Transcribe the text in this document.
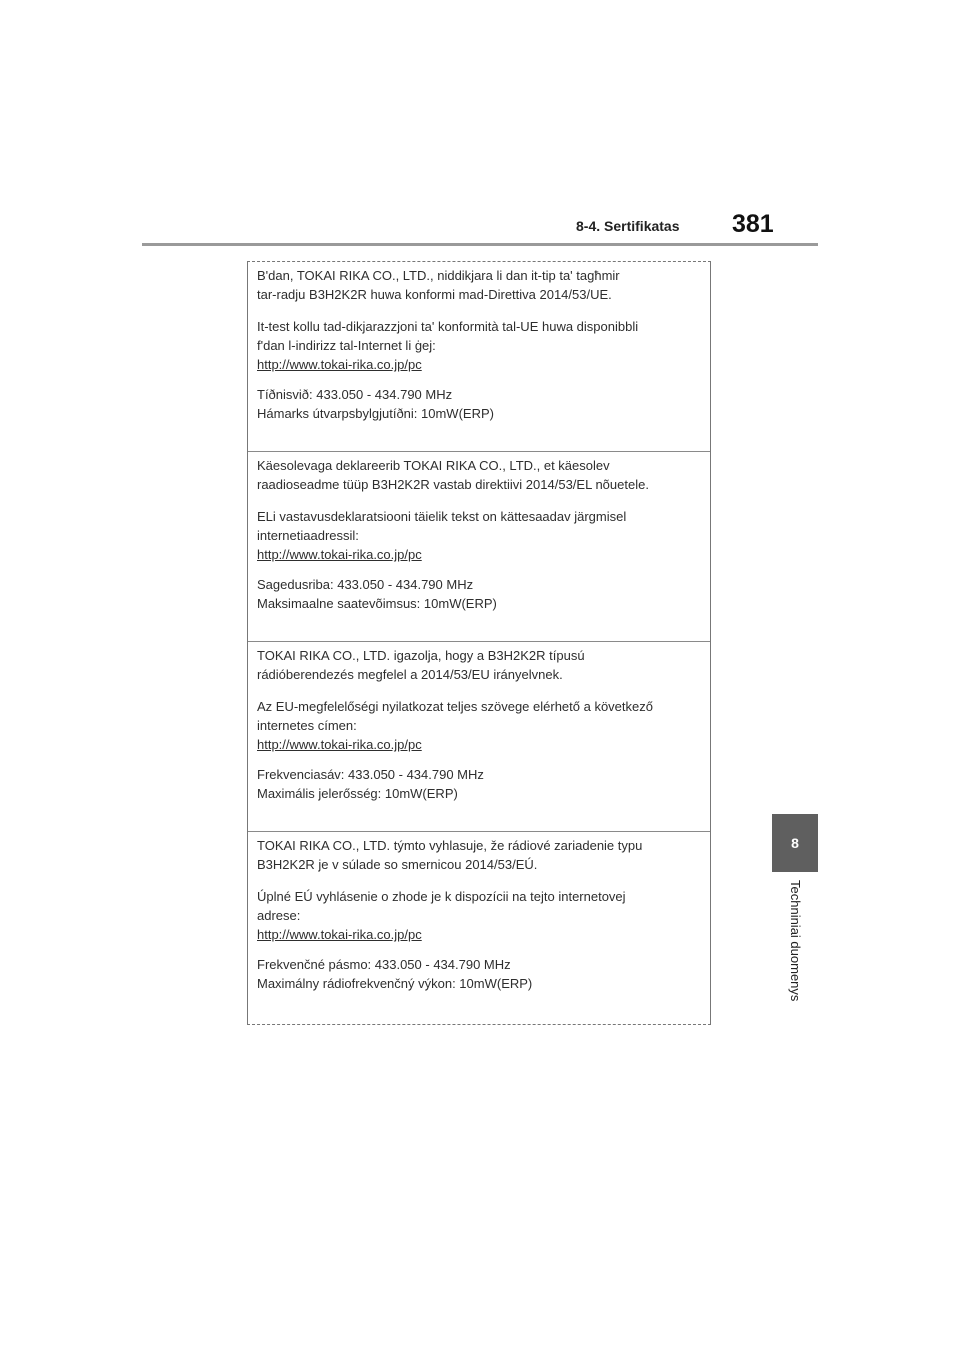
8-4. Sertifikatas 381
8
Techniniai duomenys

B'dan, TOKAI RIKA CO., LTD., niddikjara li dan it-tip ta' tagħmir

tar-radju B3H2K2R huwa konformi mad-Direttiva 2014/53/UE.

It-test kollu tad-dikjarazzjoni ta' konformità tal-UE huwa disponibbli

f'dan l-indirizz tal-Internet li ġej:

http://www.tokai-rika.co.jp/pc

Tíðnisvið: 433.050 - 434.790 MHz

Hámarks útvarpsbylgjutíðni: 10mW(ERP)

Käesolevaga deklareerib TOKAI RIKA CO., LTD., et käesolev

raadioseadme tüüp B3H2K2R vastab direktiivi 2014/53/EL nõuetele.

ELi vastavusdeklaratsiooni täielik tekst on kättesaadav järgmisel

internetiaadressil:

http://www.tokai-rika.co.jp/pc

Sagedusriba: 433.050 - 434.790 MHz

Maksimaalne saatevõimsus: 10mW(ERP)

TOKAI RIKA CO., LTD. igazolja, hogy a B3H2K2R típusú

rádióberendezés megfelel a 2014/53/EU irányelvnek.

Az EU-megfelelőségi nyilatkozat teljes szövege elérhető a következő

internetes címen:

http://www.tokai-rika.co.jp/pc

Frekvenciasáv: 433.050 - 434.790 MHz

Maximális jelerősség: 10mW(ERP)

TOKAI RIKA CO., LTD. týmto vyhlasuje, že rádiové zariadenie typu

B3H2K2R je v súlade so smernicou 2014/53/EÚ.

Úplné EÚ vyhlásenie o zhode je k dispozícii na tejto internetovej

adrese:

http://www.tokai-rika.co.jp/pc

Frekvenčné pásmo: 433.050 - 434.790 MHz

Maximálny rádiofrekvenčný výkon: 10mW(ERP)
